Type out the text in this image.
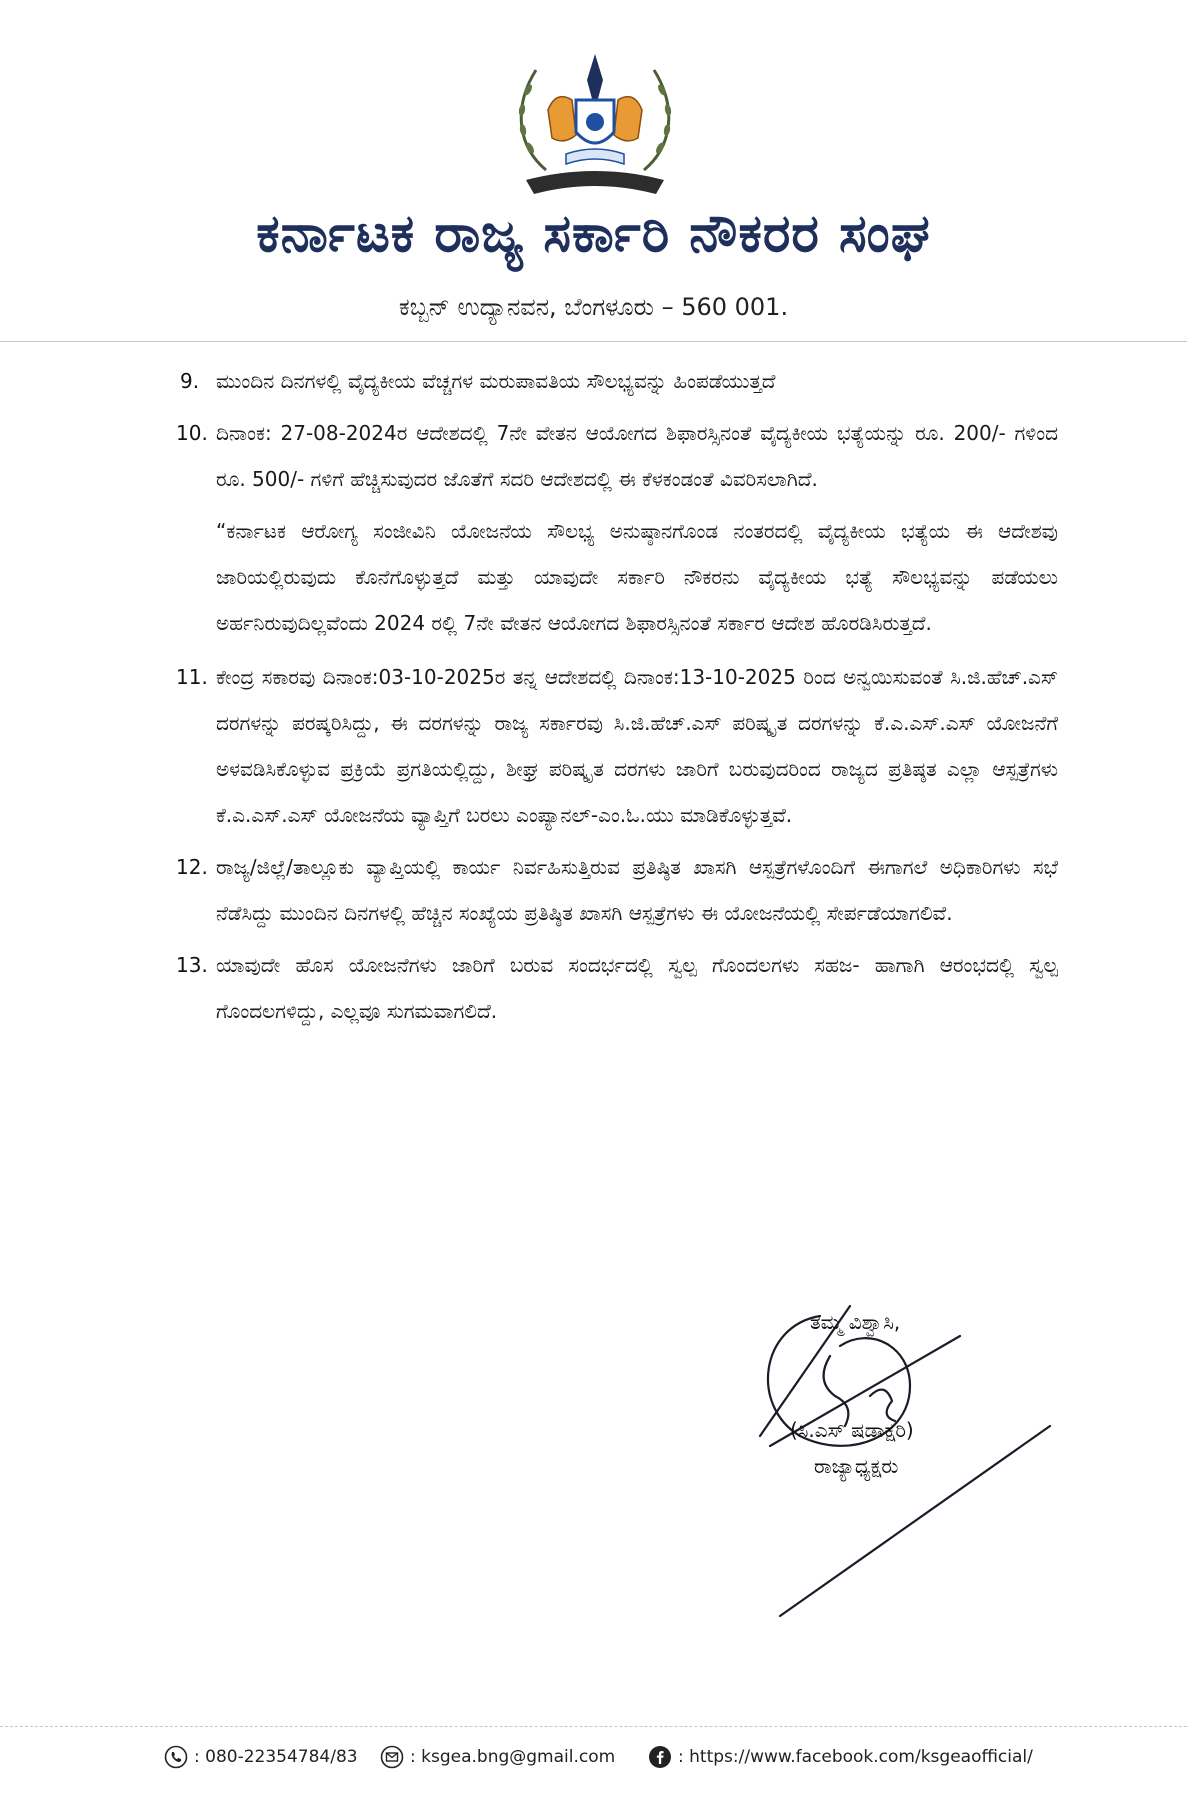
ಕರ್ನಾಟಕ ರಾಜ್ಯ ಸರ್ಕಾರಿ ನೌಕರರ ಸಂಘ

ಕಬ್ಬನ್ ಉದ್ಯಾನವನ, ಬೆಂಗಳೂರು – 560 001.

9. ಮುಂದಿನ ದಿನಗಳಲ್ಲಿ ವೈದ್ಯಕೀಯ ವೆಚ್ಚಗಳ ಮರುಪಾವತಿಯ ಸೌಲಭ್ಯವನ್ನು ಹಿಂಪಡೆಯುತ್ತದೆ
10. ದಿನಾಂಕ: 27-08-2024ರ ಆದೇಶದಲ್ಲಿ 7ನೇ ವೇತನ ಆಯೋಗದ ಶಿಫಾರಸ್ಸಿನಂತೆ ವೈದ್ಯಕೀಯ ಭತ್ಯೆಯನ್ನು ರೂ. 200/- ಗಳಿಂದ ರೂ. 500/- ಗಳಿಗೆ ಹೆಚ್ಚಿಸುವುದರ ಜೊತೆಗೆ ಸದರಿ ಆದೇಶದಲ್ಲಿ ಈ ಕೆಳಕಂಡಂತೆ ವಿವರಿಸಲಾಗಿದೆ.
“ಕರ್ನಾಟಕ ಆರೋಗ್ಯ ಸಂಜೀವಿನಿ ಯೋಜನೆಯ ಸೌಲಭ್ಯ ಅನುಷ್ಠಾನಗೊಂಡ ನಂತರದಲ್ಲಿ ವೈದ್ಯಕೀಯ ಭತ್ಯೆಯ ಈ ಆದೇಶವು ಜಾರಿಯಲ್ಲಿರುವುದು ಕೊನೆಗೊಳ್ಳುತ್ತದೆ ಮತ್ತು ಯಾವುದೇ ಸರ್ಕಾರಿ ನೌಕರನು ವೈದ್ಯಕೀಯ ಭತ್ಯೆ ಸೌಲಭ್ಯವನ್ನು ಪಡೆಯಲು ಅರ್ಹನಿರುವುದಿಲ್ಲವೆಂದು 2024 ರಲ್ಲಿ 7ನೇ ವೇತನ ಆಯೋಗದ ಶಿಫಾರಸ್ಸಿನಂತೆ ಸರ್ಕಾರ ಆದೇಶ ಹೊರಡಿಸಿರುತ್ತದೆ.
11. ಕೇಂದ್ರ ಸಕಾರವು ದಿನಾಂಕ:03-10-2025ರ ತನ್ನ ಆದೇಶದಲ್ಲಿ ದಿನಾಂಕ:13-10-2025 ರಿಂದ ಅನ್ವಯಿಸುವಂತೆ ಸಿ.ಜಿ.ಹೆಚ್.ಎಸ್ ದರಗಳನ್ನು ಪರಷ್ಕರಿಸಿದ್ದು, ಈ ದರಗಳನ್ನು ರಾಜ್ಯ ಸರ್ಕಾರವು ಸಿ.ಜಿ.ಹೆಚ್.ಎಸ್ ಪರಿಷ್ಕೃತ ದರಗಳನ್ನು ಕೆ.ಎ.ಎಸ್.ಎಸ್ ಯೋಜನೆಗೆ ಅಳವಡಿಸಿಕೊಳ್ಳುವ ಪ್ರಕ್ರಿಯೆ ಪ್ರಗತಿಯಲ್ಲಿದ್ದು, ಶೀಘ್ರ ಪರಿಷ್ಕೃತ ದರಗಳು ಜಾರಿಗೆ ಬರುವುದರಿಂದ ರಾಜ್ಯದ ಪ್ರತಿಷ್ಠತ ಎಲ್ಲಾ ಆಸ್ಪತ್ರೆಗಳು ಕೆ.ಎ.ಎಸ್.ಎಸ್ ಯೋಜನೆಯ ವ್ಯಾಪ್ತಿಗೆ ಬರಲು ಎಂಪ್ಯಾನಲ್-ಎಂ.ಓ.ಯು ಮಾಡಿಕೊಳ್ಳುತ್ತವೆ.
12. ರಾಜ್ಯ/ಜಿಲ್ಲೆ/ತಾಲ್ಲೂಕು ವ್ಯಾಪ್ತಿಯಲ್ಲಿ ಕಾರ್ಯ ನಿರ್ವಹಿಸುತ್ತಿರುವ ಪ್ರತಿಷ್ಠಿತ ಖಾಸಗಿ ಆಸ್ಪತ್ರೆಗಳೊಂದಿಗೆ ಈಗಾಗಲೆ ಅಧಿಕಾರಿಗಳು ಸಭೆ ನೆಡೆಸಿದ್ದು ಮುಂದಿನ ದಿನಗಳಲ್ಲಿ ಹೆಚ್ಚಿನ ಸಂಖ್ಯೆಯ ಪ್ರತಿಷ್ಠಿತ ಖಾಸಗಿ ಆಸ್ಪತ್ರೆಗಳು ಈ ಯೋಜನೆಯಲ್ಲಿ ಸೇರ್ಪಡೆಯಾಗಲಿವೆ.
13. ಯಾವುದೇ ಹೊಸ ಯೋಜನೆಗಳು ಜಾರಿಗೆ ಬರುವ ಸಂದರ್ಭದಲ್ಲಿ ಸ್ವಲ್ಪ ಗೊಂದಲಗಳು ಸಹಜ- ಹಾಗಾಗಿ ಆರಂಭದಲ್ಲಿ ಸ್ವಲ್ಪ ಗೊಂದಲಗಳಿದ್ದು, ಎಲ್ಲವೂ ಸುಗಮವಾಗಲಿದೆ.
ತಮ್ಮ ವಿಶ್ವಾಸಿ,
(ಸಿ.ಎಸ್ ಷಡಾಕ್ಷರಿ)
ರಾಜ್ಯಾಧ್ಯಕ್ಷರು
: 080-22354784/83	: ksgea.bng@gmail.com	: https://www.facebook.com/ksgeaofficial/
